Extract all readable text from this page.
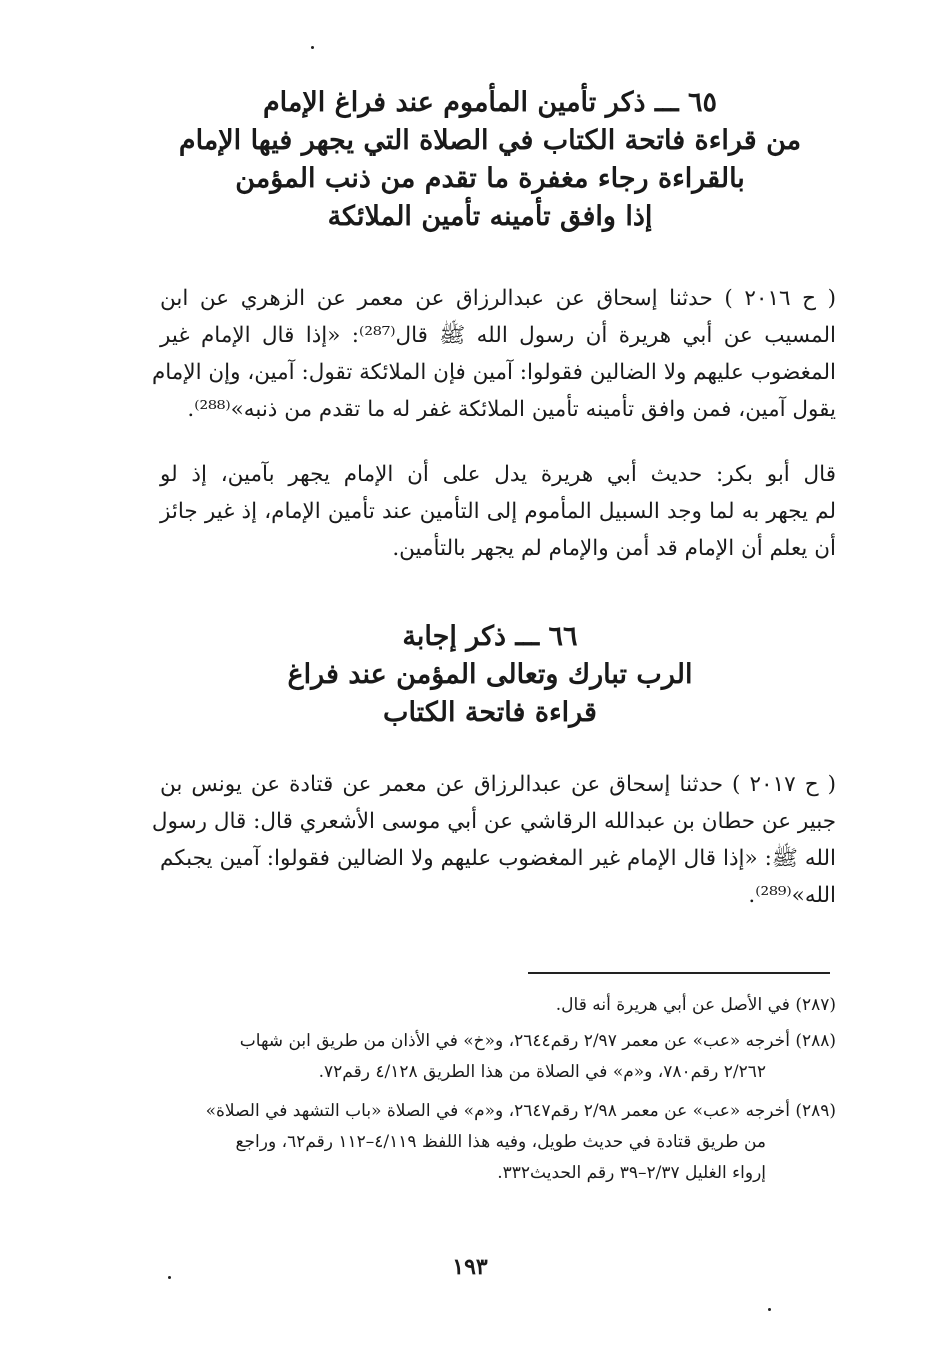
٦٥ ـــ ذكر تأمين المأموم عند فراغ الإمام
من قراءة فاتحة الكتاب في الصلاة التي يجهر فيها الإمام
بالقراءة رجاء مغفرة ما تقدم من ذنب المؤمن
إذا وافق تأمينه تأمين الملائكة
( ح ٢٠١٦ ) حدثنا إسحاق عن عبدالرزاق عن معمر عن الزهري عن ابن
المسيب عن أبي هريرة أن رسول الله ﷺ قال⁽²⁸⁷⁾: «إذا قال الإمام غير
المغضوب عليهم ولا الضالين فقولوا: آمين فإن الملائكة تقول: آمين، وإن الإمام
يقول آمين، فمن وافق تأمينه تأمين الملائكة غفر له ما تقدم من ذنبه»⁽²⁸⁸⁾.
قال أبو بكر: حديث أبي هريرة يدل على أن الإمام يجهر بآمين، إذ لو
لم يجهر به لما وجد السبيل المأموم إلى التأمين عند تأمين الإمام، إذ غير جائز
أن يعلم أن الإمام قد أمن والإمام لم يجهر بالتأمين.
٦٦ ـــ ذكر إجابة
الرب تبارك وتعالى المؤمن عند فراغ
قراءة فاتحة الكتاب
( ح ٢٠١٧ ) حدثنا إسحاق عن عبدالرزاق عن معمر عن قتادة عن يونس بن
جبير عن حطان بن عبدالله الرقاشي عن أبي موسى الأشعري قال: قال رسول
الله ﷺ: «إذا قال الإمام غير المغضوب عليهم ولا الضالين فقولوا: آمين يجبكم
الله»⁽²⁸⁹⁾.
(٢٨٧) في الأصل عن أبي هريرة أنه قال.
(٢٨٨) أخرجه «عب» عن معمر ٢/٩٧ رقم٢٦٤٤، و«خ» في الأذان من طريق ابن شهاب
٢/٢٦٢ رقم٧٨٠، و«م» في الصلاة من هذا الطريق ٤/١٢٨ رقم٧٢.
(٢٨٩) أخرجه «عب» عن معمر ٢/٩٨ رقم٢٦٤٧، و«م» في الصلاة «باب التشهد في الصلاة»
من طريق قتادة في حديث طويل، وفيه هذا اللفظ ٤/١١٩–١١٢ رقم٦٢، وراجع
إرواء الغليل ٢/٣٧–٣٩ رقم الحديث٣٣٢.
١٩٣
